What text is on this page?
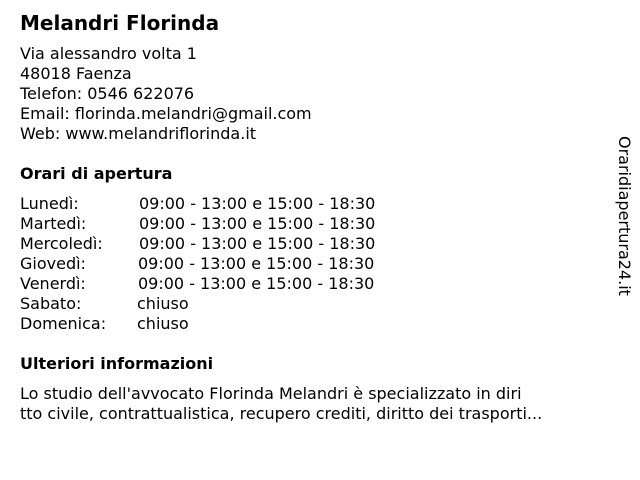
Melandri Florinda
Via alessandro volta 1
48018 Faenza
Telefon: 0546 622076
Email: florinda.melandri@gmail.com
Web: www.melandriflorinda.it
Orari di apertura
Lunedì:	09:00 - 13:00 e 15:00 - 18:30
Martedì:	09:00 - 13:00 e 15:00 - 18:30
Mercoledì: 09:00 - 13:00 e 15:00 - 18:30
Giovedì:	09:00 - 13:00 e 15:00 - 18:30
Venerdì:	09:00 - 13:00 e 15:00 - 18:30
Sabato:	chiuso
Domenica: chiuso
Ulteriori informazioni
Lo studio dell'avvocato Florinda Melandri è specializzato in diri
tto civile, contrattualistica, recupero crediti, diritto dei trasporti...
Oraridiapertura24.it
